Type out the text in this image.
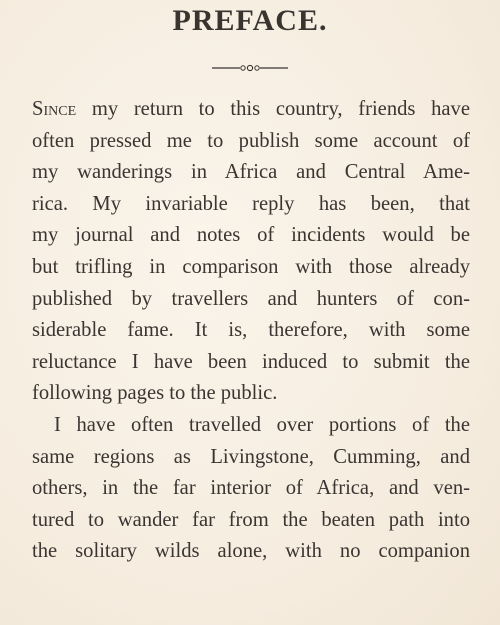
PREFACE.
Since my return to this country, friends have
often pressed me to publish some account of
my wanderings in Africa and Central Ame-
rica. My invariable reply has been, that
my journal and notes of incidents would be
but trifling in comparison with those already
published by travellers and hunters of con-
siderable fame. It is, therefore, with some
reluctance I have been induced to submit the
following pages to the public.
I have often travelled over portions of the
same regions as Livingstone, Cumming, and
others, in the far interior of Africa, and ven-
tured to wander far from the beaten path into
the solitary wilds alone, with no companion
